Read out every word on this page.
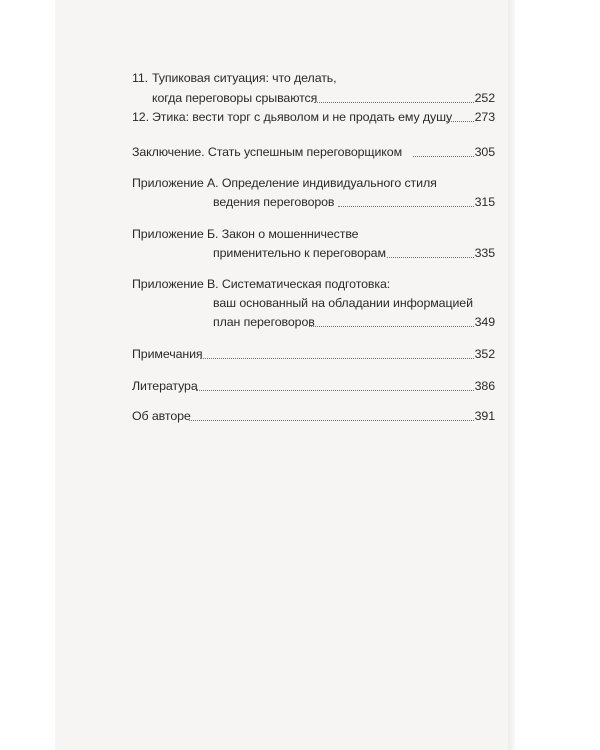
11. Тупиковая ситуация: что делать,
когда переговоры срываются	252
12. Этика: вести торг с дьяволом и не продать ему душу	273
Заключение. Стать успешным переговорщиком	305
Приложение А. Определение индивидуального стиля
ведения переговоров	315
Приложение Б. Закон о мошенничестве
применительно к переговорам	335
Приложение В. Систематическая подготовка:
ваш основанный на обладании информацией
план переговоров	349
Примечания	352
Литература	386
Об авторе	391
